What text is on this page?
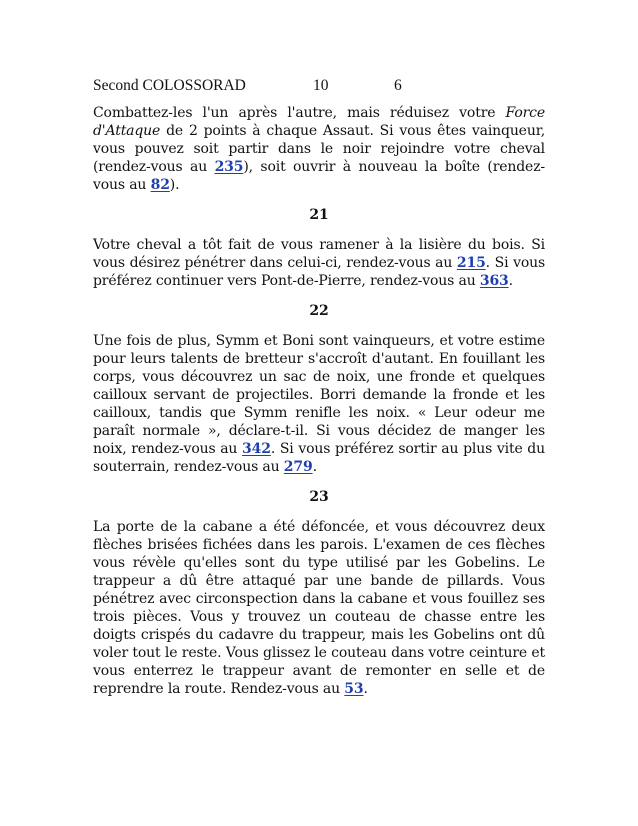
Second COLOSSORAD	10	6

Combattez-les l'un après l'autre, mais réduisez votre Force d'Attaque de 2 points à chaque Assaut. Si vous êtes vainqueur, vous pouvez soit partir dans le noir rejoindre votre cheval (rendez-vous au 235), soit ouvrir à nouveau la boîte (rendez-vous au 82).

21

Votre cheval a tôt fait de vous ramener à la lisière du bois. Si vous désirez pénétrer dans celui-ci, rendez-vous au 215. Si vous préférez continuer vers Pont-de-Pierre, rendez-vous au 363.

22

Une fois de plus, Symm et Boni sont vainqueurs, et votre estime pour leurs talents de bretteur s'accroît d'autant. En fouillant les corps, vous découvrez un sac de noix, une fronde et quelques cailloux servant de projectiles. Borri demande la fronde et les cailloux, tandis que Symm renifle les noix. « Leur odeur me paraît normale », déclare-t-il. Si vous décidez de manger les noix, rendez-vous au 342. Si vous préférez sortir au plus vite du souterrain, rendez-vous au 279.

23

La porte de la cabane a été défoncée, et vous découvrez deux flèches brisées fichées dans les parois. L'examen de ces flèches vous révèle qu'elles sont du type utilisé par les Gobelins. Le trappeur a dû être attaqué par une bande de pillards. Vous pénétrez avec circonspection dans la cabane et vous fouillez ses trois pièces. Vous y trouvez un couteau de chasse entre les doigts crispés du cadavre du trappeur, mais les Gobelins ont dû voler tout le reste. Vous glissez le couteau dans votre ceinture et vous enterrez le trappeur avant de remonter en selle et de reprendre la route. Rendez-vous au 53.
